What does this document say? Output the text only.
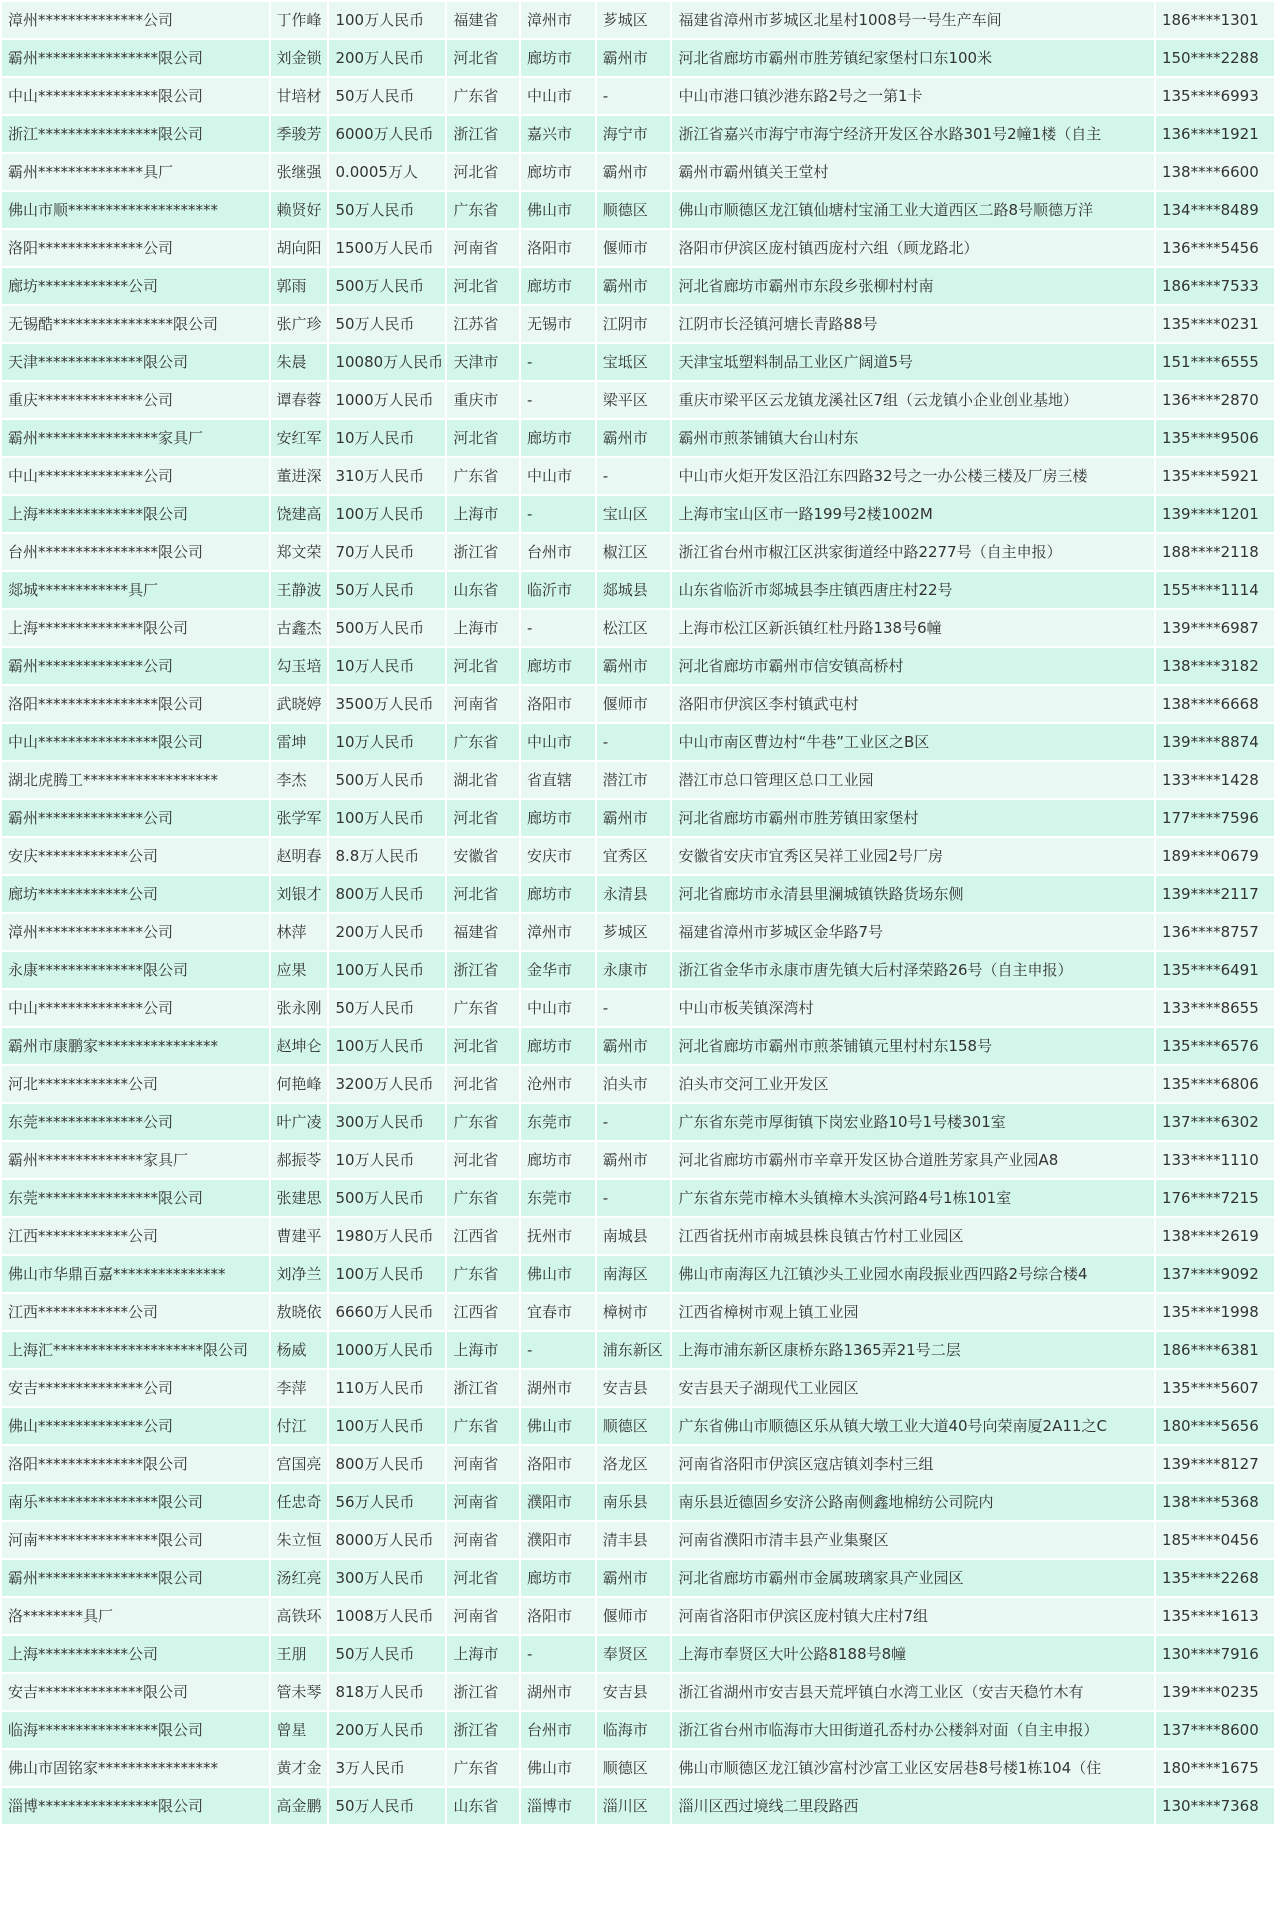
漳州**************公司	丁作峰	100万人民币	福建省	漳州市	芗城区	福建省漳州市芗城区北星村1008号一号生产车间	186****1301
霸州****************限公司	刘金锁	200万人民币	河北省	廊坊市	霸州市	河北省廊坊市霸州市胜芳镇纪家堡村口东100米	150****2288
中山****************限公司	甘培材	50万人民币	广东省	中山市	-	中山市港口镇沙港东路2号之一第1卡	135****6993
浙江****************限公司	季骏芳	6000万人民币	浙江省	嘉兴市	海宁市	浙江省嘉兴市海宁市海宁经济开发区谷水路301号2幢1楼（自主	136****1921
霸州**************具厂	张继强	0.0005万人	河北省	廊坊市	霸州市	霸州市霸州镇关王堂村	138****6600
佛山市顺********************	赖贤好	50万人民币	广东省	佛山市	顺德区	佛山市顺德区龙江镇仙塘村宝涌工业大道西区二路8号顺德万洋	134****8489
洛阳**************公司	胡向阳	1500万人民币	河南省	洛阳市	偃师市	洛阳市伊滨区庞村镇西庞村六组（顾龙路北）	136****5456
廊坊************公司	郭雨	500万人民币	河北省	廊坊市	霸州市	河北省廊坊市霸州市东段乡张柳村村南	186****7533
无锡酷****************限公司	张广珍	50万人民币	江苏省	无锡市	江阴市	江阴市长泾镇河塘长青路88号	135****0231
天津**************限公司	朱晨	10080万人民币	天津市	-	宝坻区	天津宝坻塑料制品工业区广阔道5号	151****6555
重庆**************公司	谭春蓉	1000万人民币	重庆市	-	梁平区	重庆市梁平区云龙镇龙溪社区7组（云龙镇小企业创业基地）	136****2870
霸州****************家具厂	安红军	10万人民币	河北省	廊坊市	霸州市	霸州市煎茶铺镇大台山村东	135****9506
中山**************公司	董进深	310万人民币	广东省	中山市	-	中山市火炬开发区沿江东四路32号之一办公楼三楼及厂房三楼	135****5921
上海**************限公司	饶建高	100万人民币	上海市	-	宝山区	上海市宝山区市一路199号2楼1002M	139****1201
台州****************限公司	郑文荣	70万人民币	浙江省	台州市	椒江区	浙江省台州市椒江区洪家街道经中路2277号（自主申报）	188****2118
郯城************具厂	王静波	50万人民币	山东省	临沂市	郯城县	山东省临沂市郯城县李庄镇西唐庄村22号	155****1114
上海**************限公司	古鑫杰	500万人民币	上海市	-	松江区	上海市松江区新浜镇红杜丹路138号6幢	139****6987
霸州**************公司	勾玉培	10万人民币	河北省	廊坊市	霸州市	河北省廊坊市霸州市信安镇高桥村	138****3182
洛阳****************限公司	武晓婷	3500万人民币	河南省	洛阳市	偃师市	洛阳市伊滨区李村镇武屯村	138****6668
中山****************限公司	雷坤	10万人民币	广东省	中山市	-	中山市南区曹边村“牛巷”工业区之B区	139****8874
湖北虎腾工******************	李杰	500万人民币	湖北省	省直辖	潜江市	潜江市总口管理区总口工业园	133****1428
霸州**************公司	张学军	100万人民币	河北省	廊坊市	霸州市	河北省廊坊市霸州市胜芳镇田家堡村	177****7596
安庆************公司	赵明春	8.8万人民币	安徽省	安庆市	宜秀区	安徽省安庆市宜秀区吴祥工业园2号厂房	189****0679
廊坊************公司	刘银才	800万人民币	河北省	廊坊市	永清县	河北省廊坊市永清县里澜城镇铁路货场东侧	139****2117
漳州**************公司	林萍	200万人民币	福建省	漳州市	芗城区	福建省漳州市芗城区金华路7号	136****8757
永康**************限公司	应果	100万人民币	浙江省	金华市	永康市	浙江省金华市永康市唐先镇大后村泽荣路26号（自主申报）	135****6491
中山**************公司	张永刚	50万人民币	广东省	中山市	-	中山市板芙镇深湾村	133****8655
霸州市康鹏家****************	赵坤仑	100万人民币	河北省	廊坊市	霸州市	河北省廊坊市霸州市煎茶铺镇元里村村东158号	135****6576
河北************公司	何艳峰	3200万人民币	河北省	沧州市	泊头市	泊头市交河工业开发区	135****6806
东莞**************公司	叶广凌	300万人民币	广东省	东莞市	-	广东省东莞市厚街镇下岗宏业路10号1号楼301室	137****6302
霸州**************家具厂	郝振苓	10万人民币	河北省	廊坊市	霸州市	河北省廊坊市霸州市辛章开发区协合道胜芳家具产业园A8	133****1110
东莞****************限公司	张建思	500万人民币	广东省	东莞市	-	广东省东莞市樟木头镇樟木头滨河路4号1栋101室	176****7215
江西************公司	曹建平	1980万人民币	江西省	抚州市	南城县	江西省抚州市南城县株良镇古竹村工业园区	138****2619
佛山市华鼎百嘉***************	刘净兰	100万人民币	广东省	佛山市	南海区	佛山市南海区九江镇沙头工业园水南段振业西四路2号综合楼4	137****9092
江西************公司	敖晓依	6660万人民币	江西省	宜春市	樟树市	江西省樟树市观上镇工业园	135****1998
上海汇********************限公司	杨威	1000万人民币	上海市	-	浦东新区	上海市浦东新区康桥东路1365弄21号二层	186****6381
安吉**************公司	李萍	110万人民币	浙江省	湖州市	安吉县	安吉县天子湖现代工业园区	135****5607
佛山**************公司	付江	100万人民币	广东省	佛山市	顺德区	广东省佛山市顺德区乐从镇大墩工业大道40号向荣南厦2A11之C	180****5656
洛阳**************限公司	宫国亮	800万人民币	河南省	洛阳市	洛龙区	河南省洛阳市伊滨区寇店镇刘李村三组	139****8127
南乐****************限公司	任忠奇	56万人民币	河南省	濮阳市	南乐县	南乐县近德固乡安济公路南侧鑫地棉纺公司院内	138****5368
河南****************限公司	朱立恒	8000万人民币	河南省	濮阳市	清丰县	河南省濮阳市清丰县产业集聚区	185****0456
霸州****************限公司	汤红亮	300万人民币	河北省	廊坊市	霸州市	河北省廊坊市霸州市金属玻璃家具产业园区	135****2268
洛********具厂	高铁环	1008万人民币	河南省	洛阳市	偃师市	河南省洛阳市伊滨区庞村镇大庄村7组	135****1613
上海************公司	王朋	50万人民币	上海市	-	奉贤区	上海市奉贤区大叶公路8188号8幢	130****7916
安吉**************限公司	管未琴	818万人民币	浙江省	湖州市	安吉县	浙江省湖州市安吉县天荒坪镇白水湾工业区（安吉天稳竹木有	139****0235
临海****************限公司	曾星	200万人民币	浙江省	台州市	临海市	浙江省台州市临海市大田街道孔岙村办公楼斜对面（自主申报）	137****8600
佛山市固铭家****************	黄才金	3万人民币	广东省	佛山市	顺德区	佛山市顺德区龙江镇沙富村沙富工业区安居巷8号楼1栋104（住	180****1675
淄博****************限公司	高金鹏	50万人民币	山东省	淄博市	淄川区	淄川区西过境线二里段路西	130****7368
